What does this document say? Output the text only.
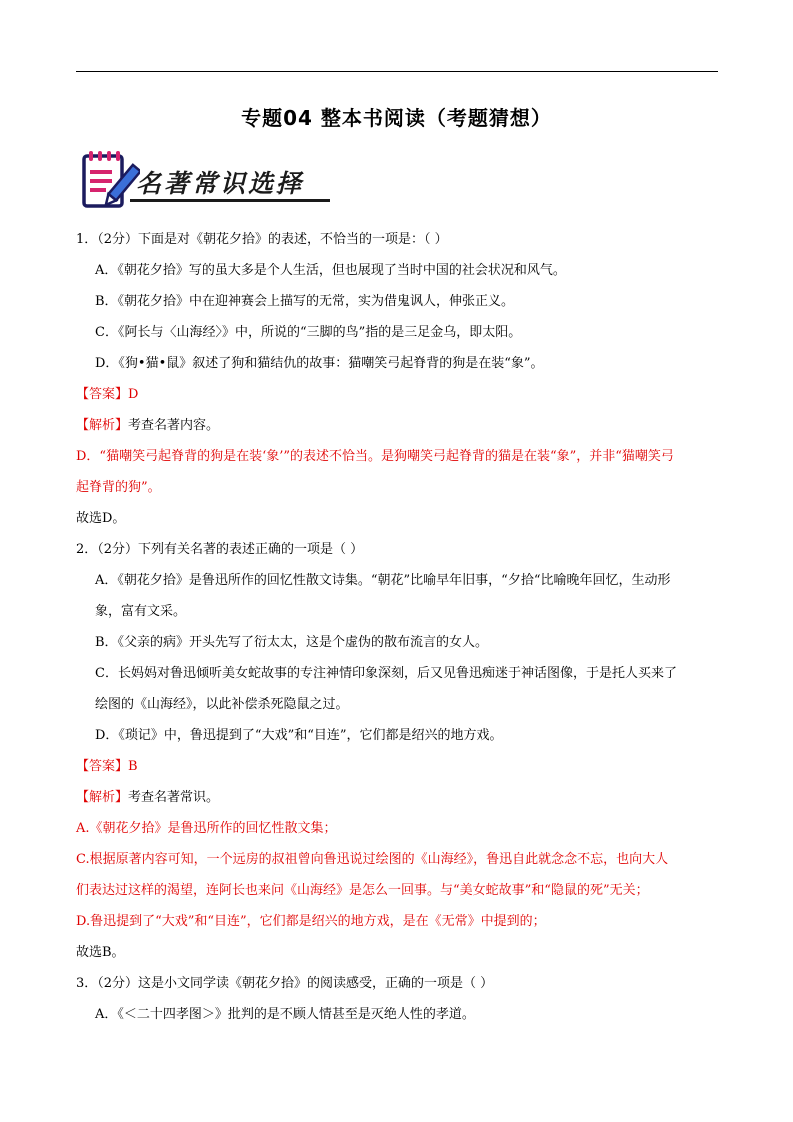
专题04 整本书阅读（考题猜想）
名著常识选择
1．（2分）下面是对《朝花夕拾》的表述，不恰当的一项是：（ ）
A．《朝花夕拾》写的虽大多是个人生活，但也展现了当时中国的社会状况和风气。
B．《朝花夕拾》中在迎神赛会上描写的无常，实为借鬼讽人，伸张正义。
C．《阿长与〈山海经〉》中，所说的“三脚的鸟”指的是三足金乌，即太阳。
D．《狗•猫•鼠》叙述了狗和猫结仇的故事：猫嘲笑弓起脊背的狗是在装“象”。
【答案】D
【解析】考查名著内容。
D．“猫嘲笑弓起脊背的狗是在装‘象’”的表述不恰当。是狗嘲笑弓起脊背的猫是在装“象”，并非“猫嘲笑弓
起脊背的狗”。
故选D。
2．（2分）下列有关名著的表述正确的一项是（ ）
A．《朝花夕拾》是鲁迅所作的回忆性散文诗集。“朝花”比喻早年旧事，“夕拾“比喻晚年回忆，生动形
象，富有文采。
B．《父亲的病》开头先写了衍太太，这是个虚伪的散布流言的女人。
C．长妈妈对鲁迅倾听美女蛇故事的专注神情印象深刻，后又见鲁迅痴迷于神话图像，于是托人买来了
绘图的《山海经》，以此补偿杀死隐鼠之过。
D．《琐记》中，鲁迅提到了“大戏”和“目连”，它们都是绍兴的地方戏。
【答案】B
【解析】考查名著常识。
A.《朝花夕拾》是鲁迅所作的回忆性散文集；
C.根据原著内容可知，一个远房的叔祖曾向鲁迅说过绘图的《山海经》，鲁迅自此就念念不忘，也向大人
们表达过这样的渴望，连阿长也来问《山海经》是怎么一回事。与“美女蛇故事”和“隐鼠的死”无关；
D.鲁迅提到了“大戏”和“目连”，它们都是绍兴的地方戏，是在《无常》中提到的；
故选B。
3．（2分）这是小文同学读《朝花夕拾》的阅读感受，正确的一项是（ ）
A．《＜二十四孝图＞》批判的是不顾人情甚至是灭绝人性的孝道。
